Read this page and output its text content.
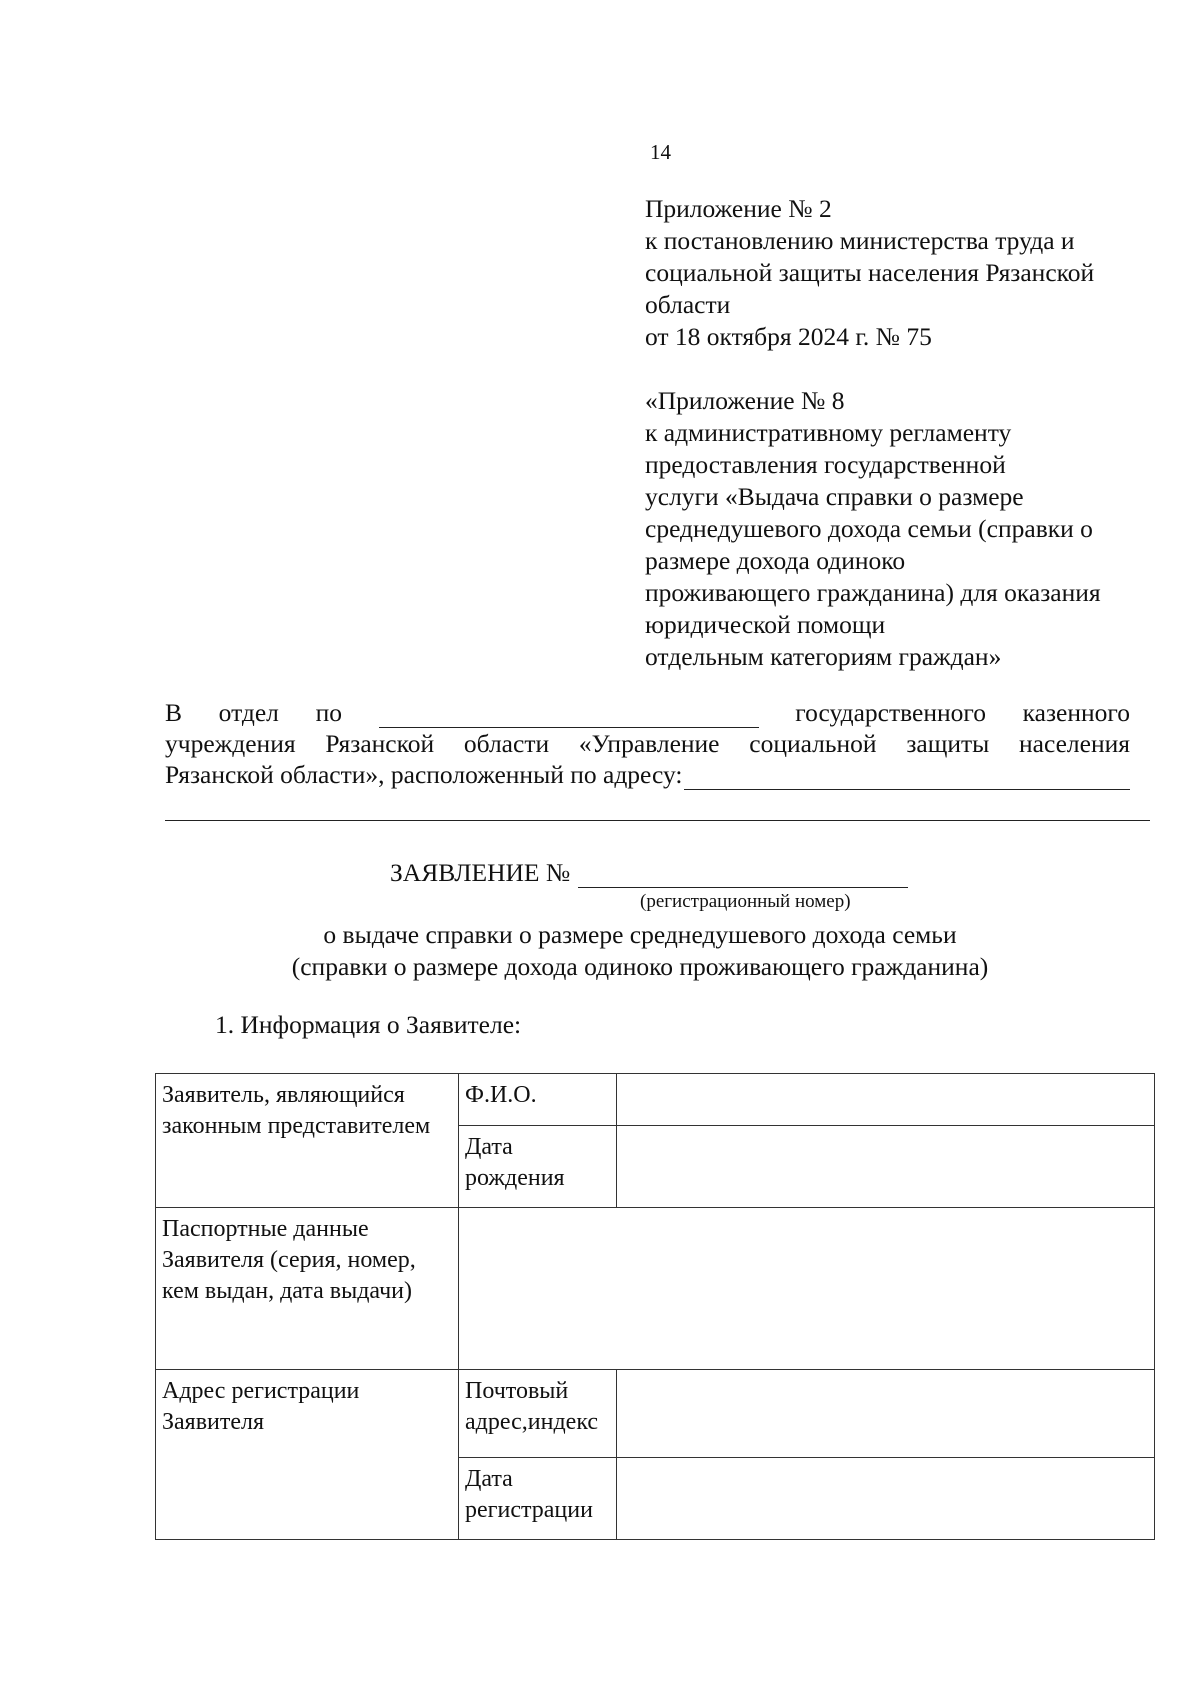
14
Приложение № 2
к постановлению министерства труда и
социальной защиты населения Рязанской
области
от 18 октября 2024 г. № 75
«Приложение № 8
к административному регламенту
предоставления государственной
услуги «Выдача справки о размере
среднедушевого дохода семьи (справки о
размере дохода одиноко
проживающего гражданина) для оказания
юридической помощи
отдельным категориям граждан»
В отдел по	государственного казенного
учреждения Рязанской области «Управление социальной защиты населения
Рязанской области», расположенный по адресу:
ЗАЯВЛЕНИЕ №
(регистрационный номер)
о выдаче справки о размере среднедушевого дохода семьи
(справки о размере дохода одиноко проживающего гражданина)
1. Информация о Заявителе:
Заявитель, являющийся законным представителем	Ф.И.О.	
	Дата рождения	
Паспортные данные Заявителя (серия, номер, кем выдан, дата выдачи)		
Адрес регистрации Заявителя	Почтовый адрес,индекс	
	Дата регистрации	
